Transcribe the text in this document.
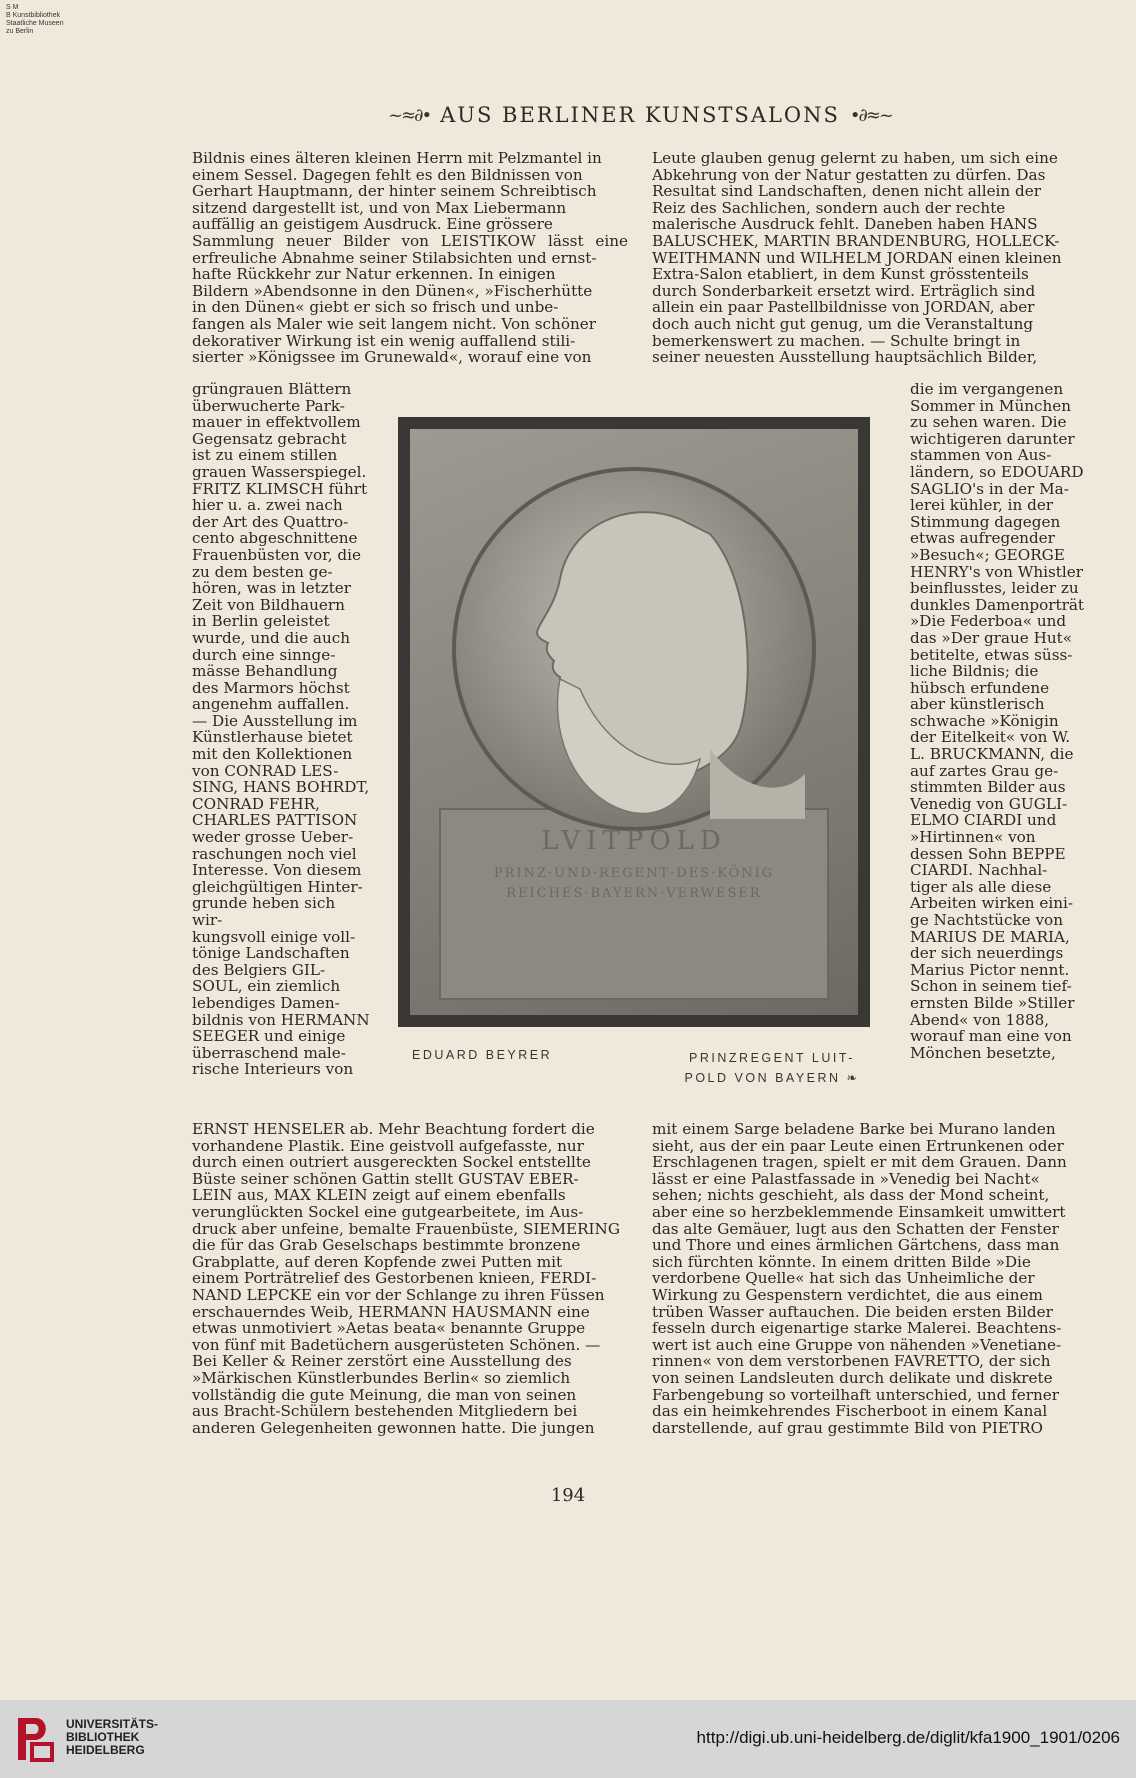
S M
B Kunstbibliothek
Staatliche Museen
zu Berlin
~≈∂• AUS BERLINER KUNSTSALONS •∂≈~

Bildnis eines älteren kleinen Herrn mit Pelzmantel in

einem Sessel. Dagegen fehlt es den Bildnissen von

Gerhart Hauptmann, der hinter seinem Schreibtisch

sitzend dargestellt ist, und von Max Liebermann

auffällig an geistigem Ausdruck. Eine grössere

Sammlung neuer Bilder von LEISTIKOW lässt eine erfreuliche Abnahme seiner Stilabsichten und ernst-

hafte Rückkehr zur Natur erkennen. In einigen

Bildern »Abendsonne in den Dünen«, »Fischerhütte

in den Dünen« giebt er sich so frisch und unbe-

fangen als Maler wie seit langem nicht. Von schöner

dekorativer Wirkung ist ein wenig auffallend stili-

sierter »Königssee im Grunewald«, worauf eine von

grüngrauen Blättern

überwucherte Park-

mauer in effektvollem

Gegensatz gebracht

ist zu einem stillen

grauen Wasserspiegel.

FRITZ KLIMSCH führt

hier u. a. zwei nach

der Art des Quattro-

cento abgeschnittene

Frauenbüsten vor, die

zu dem besten ge-

hören, was in letzter

Zeit von Bildhauern

in Berlin geleistet

wurde, und die auch

durch eine sinnge-

mässe Behandlung

des Marmors höchst

angenehm auffallen.

— Die Ausstellung im

Künstlerhause bietet

mit den Kollektionen

von CONRAD LES-

SING, HANS BOHRDT,

CONRAD FEHR,

CHARLES PATTISON

weder grosse Ueber-

raschungen noch viel

Interesse. Von diesem

gleichgültigen Hinter-

grunde heben sich wir-

kungsvoll einige voll-

tönige Landschaften

des Belgiers GIL-

SOUL, ein ziemlich

lebendiges Damen-

bildnis von HERMANN

SEEGER und einige

überraschend male-

rische Interieurs von

ERNST HENSELER ab. Mehr Beachtung fordert die

vorhandene Plastik. Eine geistvoll aufgefasste, nur

durch einen outriert ausgereckten Sockel entstellte

Büste seiner schönen Gattin stellt GUSTAV EBER-

LEIN aus, MAX KLEIN zeigt auf einem ebenfalls

verunglückten Sockel eine gutgearbeitete, im Aus-

druck aber unfeine, bemalte Frauenbüste, SIEMERING

die für das Grab Geselschaps bestimmte bronzene

Grabplatte, auf deren Kopfende zwei Putten mit

einem Porträtrelief des Gestorbenen knieen, FERDI-

NAND LEPCKE ein vor der Schlange zu ihren Füssen

erschauerndes Weib, HERMANN HAUSMANN eine

etwas unmotiviert »Aetas beata« benannte Gruppe

von fünf mit Badetüchern ausgerüsteten Schönen. —

Bei Keller & Reiner zerstört eine Ausstellung des

»Märkischen Künstlerbundes Berlin« so ziemlich

vollständig die gute Meinung, die man von seinen

aus Bracht-Schülern bestehenden Mitgliedern bei

anderen Gelegenheiten gewonnen hatte. Die jungen

Leute glauben genug gelernt zu haben, um sich eine

Abkehrung von der Natur gestatten zu dürfen. Das

Resultat sind Landschaften, denen nicht allein der

Reiz des Sachlichen, sondern auch der rechte

malerische Ausdruck fehlt. Daneben haben HANS

BALUSCHEK, MARTIN BRANDENBURG, HOLLECK-

WEITHMANN und WILHELM JORDAN einen kleinen

Extra-Salon etabliert, in dem Kunst grösstenteils

durch Sonderbarkeit ersetzt wird. Erträglich sind

allein ein paar Pastellbildnisse von JORDAN, aber

doch auch nicht gut genug, um die Veranstaltung

bemerkenswert zu machen. — Schulte bringt in

seiner neuesten Ausstellung hauptsächlich Bilder,

die im vergangenen

Sommer in München

zu sehen waren. Die

wichtigeren darunter

stammen von Aus-

ländern, so EDOUARD

SAGLIO's in der Ma-

lerei kühler, in der

Stimmung dagegen

etwas aufregender

»Besuch«; GEORGE

HENRY's von Whistler

beinflusstes, leider zu

dunkles Damenporträt

»Die Federboa« und

das »Der graue Hut«

betitelte, etwas süss-

liche Bildnis; die

hübsch erfundene

aber künstlerisch

schwache »Königin

der Eitelkeit« von W.

L. BRUCKMANN, die

auf zartes Grau ge-

stimmten Bilder aus

Venedig von GUGLI-

ELMO CIARDI und

»Hirtinnen« von

dessen Sohn BEPPE

CIARDI. Nachhal-

tiger als alle diese

Arbeiten wirken eini-

ge Nachtstücke von

MARIUS DE MARIA,

der sich neuerdings

Marius Pictor nennt.

Schon in seinem tief-

ernsten Bilde »Stiller

Abend« von 1888,

worauf man eine von

Mönchen besetzte,

mit einem Sarge beladene Barke bei Murano landen

sieht, aus der ein paar Leute einen Ertrunkenen oder

Erschlagenen tragen, spielt er mit dem Grauen. Dann

lässt er eine Palastfassade in »Venedig bei Nacht«

sehen; nichts geschieht, als dass der Mond scheint,

aber eine so herzbeklemmende Einsamkeit umwittert

das alte Gemäuer, lugt aus den Schatten der Fenster

und Thore und eines ärmlichen Gärtchens, dass man

sich fürchten könnte. In einem dritten Bilde »Die

verdorbene Quelle« hat sich das Unheimliche der

Wirkung zu Gespenstern verdichtet, die aus einem

trüben Wasser auftauchen. Die beiden ersten Bilder

fesseln durch eigenartige starke Malerei. Beachtens-

wert ist auch eine Gruppe von nähenden »Venetiane-

rinnen« von dem verstorbenen FAVRETTO, der sich

von seinen Landsleuten durch delikate und diskrete

Farbengebung so vorteilhaft unterschied, und ferner

das ein heimkehrendes Fischerboot in einem Kanal

darstellende, auf grau gestimmte Bild von PIETRO

LVITPOLD
PRINZ·UND·REGENT·DES·KÖNIG
REICHES·BAYERN·VERWESER
EDUARD BEYRER	PRINZREGENT LUIT-
POLD VON BAYERN ❧
194
UNIVERSITÄTS-
BIBLIOTHEK
HEIDELBERG
http://digi.ub.uni-heidelberg.de/diglit/kfa1900_1901/0206
